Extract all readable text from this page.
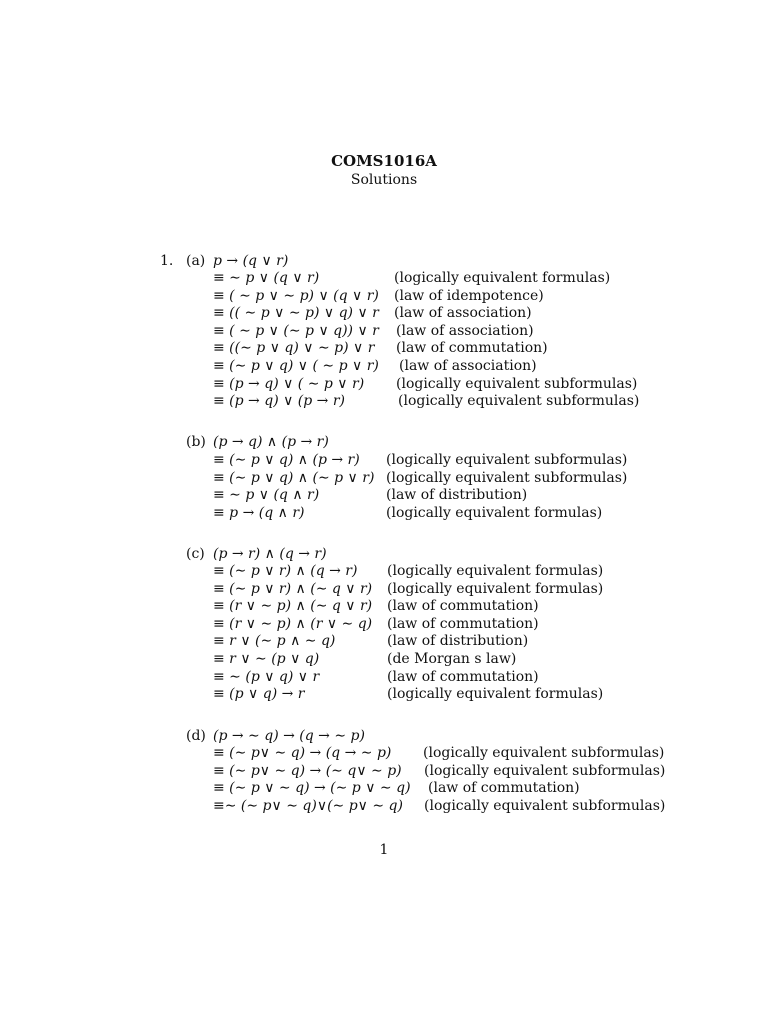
COMS1016A
Solutions
1. (a) p → (q ∨ r)
≡ ∼ p ∨ (q ∨ r)	(logically equivalent formulas)
≡ ( ∼ p ∨ ∼ p) ∨ (q ∨ r) (law of idempotence)
≡ (( ∼ p ∨ ∼ p) ∨ q) ∨ r (law of association)
≡ ( ∼ p ∨ (∼ p ∨ q)) ∨ r (law of association)
≡ ((∼ p ∨ q) ∨ ∼ p) ∨ r (law of commutation)
≡ (∼ p ∨ q) ∨ ( ∼ p ∨ r) (law of association)
≡ (p → q) ∨ ( ∼ p ∨ r) (logically equivalent subformulas)
≡ (p → q) ∨ (p → r)	(logically equivalent subformulas)
(b) (p → q) ∧ (p → r)
≡ (∼ p ∨ q) ∧ (p → r) (logically equivalent subformulas)
≡ (∼ p ∨ q) ∧ (∼ p ∨ r) (logically equivalent subformulas)
≡ ∼ p ∨ (q ∧ r)	(law of distribution)
≡ p → (q ∧ r)	(logically equivalent formulas)
(c) (p → r) ∧ (q → r)
≡ (∼ p ∨ r) ∧ (q → r) (logically equivalent formulas)
≡ (∼ p ∨ r) ∧ (∼ q ∨ r) (logically equivalent formulas)
≡ (r ∨ ∼ p) ∧ (∼ q ∨ r) (law of commutation)
≡ (r ∨ ∼ p) ∧ (r ∨ ∼ q) (law of commutation)
≡ r ∨ (∼ p ∧ ∼ q)	(law of distribution)
≡ r ∨ ∼ (p ∨ q)	(de Morgan s law)
≡ ∼ (p ∨ q) ∨ r	(law of commutation)
≡ (p ∨ q) → r	(logically equivalent formulas)
(d) (p → ∼ q) → (q → ∼ p)
≡ (∼ p∨ ∼ q) → (q → ∼ p) (logically equivalent subformulas)
≡ (∼ p∨ ∼ q) → (∼ q∨ ∼ p) (logically equivalent subformulas)
≡ (∼ p ∨ ∼ q) → (∼ p ∨ ∼ q) (law of commutation)
≡∼ (∼ p∨ ∼ q)∨(∼ p∨ ∼ q) (logically equivalent subformulas)
1
